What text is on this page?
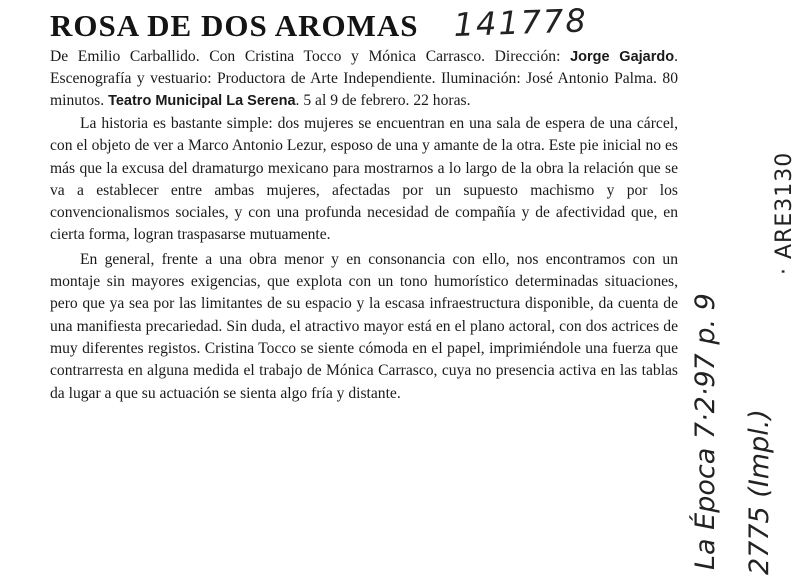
ROSA DE DOS AROMAS

De Emilio Carballido. Con Cristina Tocco y Mónica Carrasco. Dirección: Jorge Gajardo. Escenografía y vestuario: Productora de Arte Independiente. Iluminación: José Antonio Palma. 80 minutos. Teatro Municipal La Serena. 5 al 9 de febrero. 22 horas.

La historia es bastante simple: dos mujeres se encuentran en una sala de espera de una cárcel, con el objeto de ver a Marco Antonio Lezur, esposo de una y amante de la otra. Este pie inicial no es más que la excusa del dramaturgo mexicano para mostrarnos a lo largo de la obra la relación que se va a establecer entre ambas mujeres, afectadas por un supuesto machismo y por los convencionalismos sociales, y con una profunda necesidad de compañía y de afectividad que, en cierta forma, logran traspasarse mutuamente.

En general, frente a una obra menor y en consonancia con ello, nos encontramos con un montaje sin mayores exigencias, que explota con un tono humorístico determinadas situaciones, pero que ya sea por las limitantes de su espacio y la escasa infraestructura disponible, da cuenta de una manifiesta precariedad. Sin duda, el atractivo mayor está en el plano actoral, con dos actrices de muy diferentes registos. Cristina Tocco se siente cómoda en el papel, imprimiéndole una fuerza que contrarresta en alguna medida el trabajo de Mónica Carrasco, cuya no presencia activa en las tablas da lugar a que su actuación se sienta algo fría y distante.

141778
La Época 7·2·97 p. 9 2775 (Impl.)
· ARE3130
